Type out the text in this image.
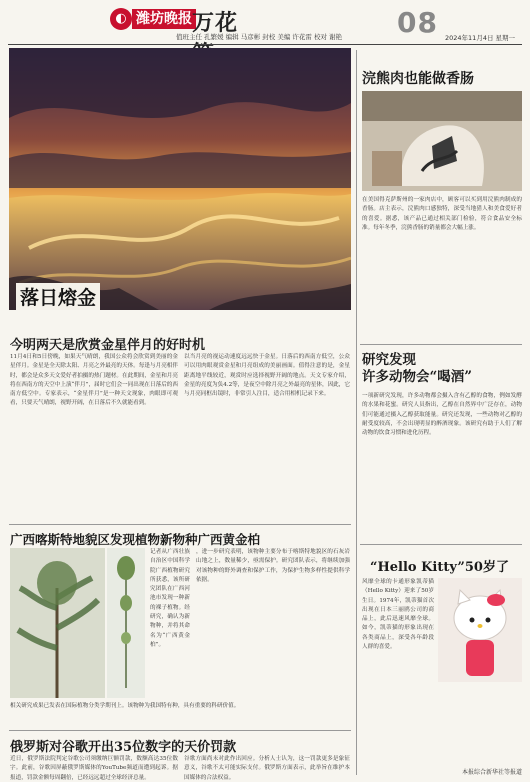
◐ 潍坊晚报 万花	08
值班主任 孔繁媛 编辑 马彦彬 封校 美编 许花雷 校对 谢艳	2024年11月4日 星期一
落日熔金
今明两天是欣赏金星伴月的好时机
11月4日和5日傍晚，如果天气晴朗，我国公众将会欣赏到美丽的金星伴月。金星是全天除太阳、月亮之外最亮的天体。每逢与月亮相伴时，都会是众多天文爱好者拍摄的热门题材。在此期间，金星和月亮将在西南方的天空中上演“伴月”，届时它们会一同出现在日落后的西南方低空中。专家表示，“金星伴月”是一种天文现象，肉眼即可观看，只要天气晴朗，视野开阔，在日落后不久就能看到。
以当月亮的视运动速度远远快于金星。日落后的西南方低空，公众可以用肉眼观赏金星和月亮组成的美丽画面。值得注意的是，金星距离地平线较近，观赏时应选择视野开阔的地点。天文专家介绍，金星的亮度为负4.2等，是夜空中除月亮之外最亮的星体，因此，它与月亮同框出镜时，非常引人注目，适合用相机记录下来。
广西喀斯特地貌区发现植物新物种广西黄金柏
记者从广西壮族自治区中国科学院广西植物研究所获悉，该所研究团队在广西河池市发现一种新的裸子植物。经研究，确认为新物种，并将其命名为“广西黄金柏”。
，进一步研究表明，该物种主要分布于喀斯特地貌区的石灰岩山地之上，数量稀少，亟需保护。研究团队表示，将继续加强对该物种的野外调查和保护工作，为保护生物多样性提供科学依据。
相关研究成果已发表在国际植物分类学期刊上。该物种为我国特有种，具有重要的科研价值。
俄罗斯对谷歌开出35位数字的天价罚款
近日，俄罗斯法院判定谷歌公司须缴纳巨额罚款，数额高达35位数字。此前，谷歌因屏蔽俄罗斯媒体的YouTube频道而遭到起诉。据报道，罚款金额每周翻倍，已经远远超过全球经济总量。
谷歌方面尚未对此作出回应。分析人士认为，这一罚款更多是象征意义，谷歌不太可能实际支付。俄罗斯方面表示，此举旨在维护本国媒体的合法权益。
浣熊肉也能做香肠
在美国得克萨斯州的一家肉店中，顾客可以买到用浣熊肉制成的香肠。店主表示，浣熊肉口感独特，深受当地猎人和美食爱好者的喜爱。据悉，该产品已通过相关部门检验，符合食品安全标准。每年冬季，浣熊香肠的销量都会大幅上涨。
研究发现
许多动物会“喝酒”
一项新研究发现，许多动物都会摄入含有乙醇的食物，例如发酵的水果和花蜜。研究人员指出，乙醇在自然界中广泛存在，动物们可能通过摄入乙醇获取能量。研究还发现，一些动物对乙醇的耐受度较高，不会出现明显的醉酒现象。该研究有助于人们了解动物的饮食习惯和进化历程。
“Hello Kitty”50岁了
风靡全球的卡通形象凯蒂猫（Hello Kitty）迎来了50岁生日。1974年，凯蒂猫首次出现在日本三丽鸥公司的商品上，此后迅速风靡全球。如今，凯蒂猫的形象出现在各类商品上，深受各年龄段人群的喜爱。
本报综合新华社等报道
